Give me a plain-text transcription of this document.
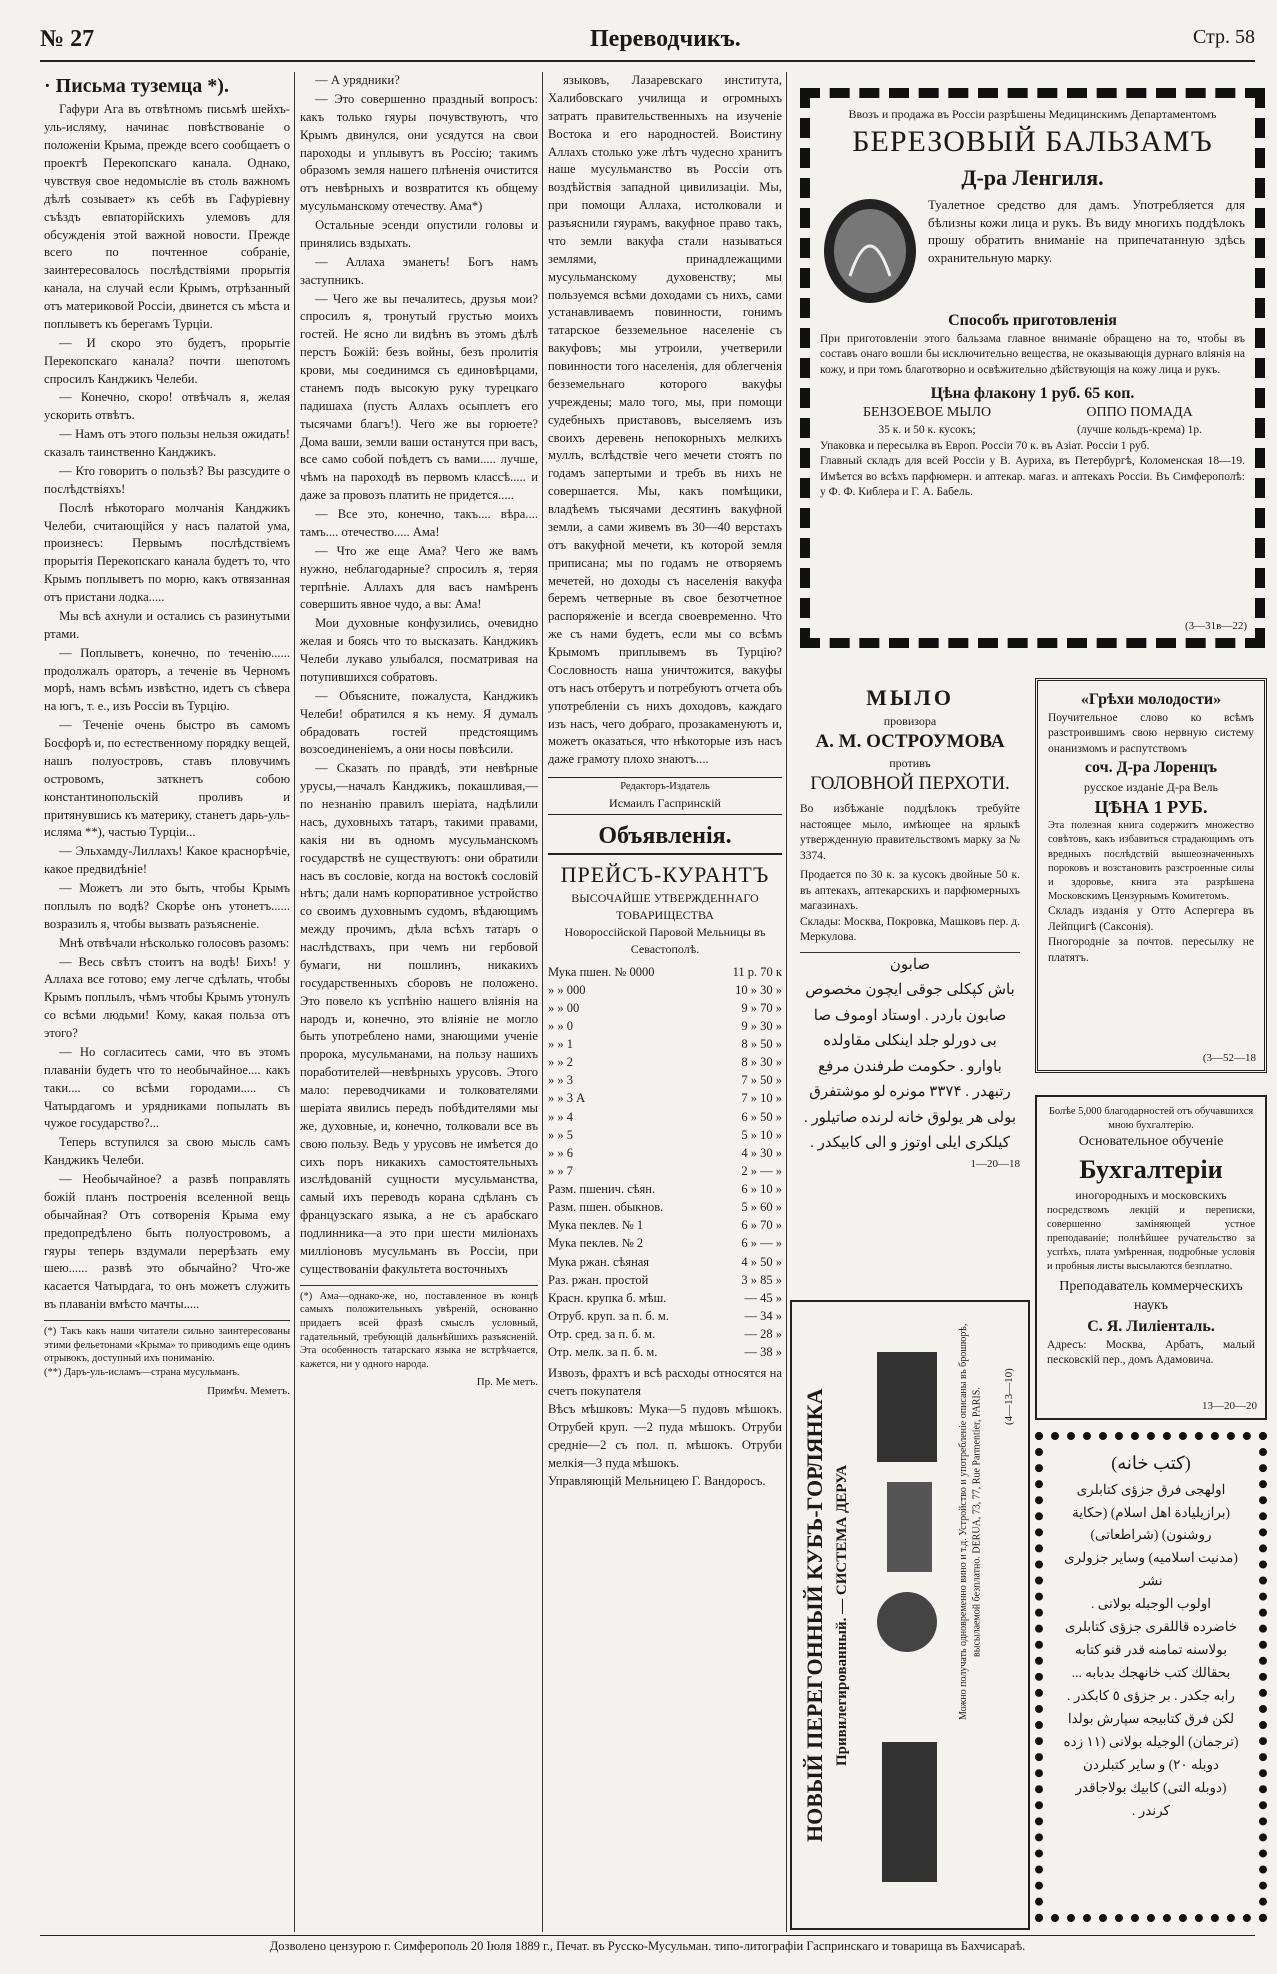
№ 27	Переводчикъ.	Стр. 58

· Письма туземца *).

Гафури Ага въ отвѣтномъ письмѣ шейхъ-уль-исляму, начинає повѣствованіе о положеніи Крыма, прежде всего сообщаетъ о проектѣ Перекопскаго канала. Однако, чувствуя свое недомысліе въ столь важномъ дѣлѣ созывает» къ себѣ въ Гафуріевну съѣздъ евпаторійскихъ улемовъ для обсужденія этой важной новости. Прежде всего по почтенное собраніе, заинтересовалось послѣдствіями прорытія канала, на случай если Крымъ, отрѣзанный отъ материковой Россіи, двинется съ мѣста и поплыветъ къ берегамъ Турціи.

— И скоро это будетъ, прорытіе Перекопскаго канала? почти шепотомъ спросилъ Канджикъ Челеби.

— Конечно, скоро! отвѣчалъ я, желая ускорить отвѣтъ.

— Намъ отъ этого пользы нельзя ожидать! сказалъ таинственно Канджикъ.

— Кто говоритъ о пользѣ? Вы разсудите о послѣдствіяхъ!

Послѣ нѣкотораго молчанія Канджикъ Челеби, считающійся у насъ палатой ума, произнесъ: Первымъ послѣдствіемъ прорытія Перекопскаго канала будетъ то, что Крымъ поплыветъ по морю, какъ отвязанная отъ пристани лодка.....

Мы всѣ ахнули и остались съ разинутыми ртами.

— Поплыветъ, конечно, по теченію...... продолжалъ ораторъ, а теченіе въ Черномъ морѣ, намъ всѣмъ извѣстно, идетъ съ сѣвера на югъ, т. е., изъ Россіи въ Турцію.

— Теченіе очень быстро въ самомъ Босфорѣ и, по естественному порядку вещей, нашъ полуостровъ, ставъ пловучимъ островомъ, заткнетъ собою константинопольскій проливъ и притянувшись къ материку, станетъ дарь-уль-исляма **), частью Турціи...

— Эльхамду-Лиллахъ! Какое краснорѣчіе, какое предвидѣніе!

— Можетъ ли это быть, чтобы Крымъ поплылъ по водѣ? Скорѣе онъ утонетъ...... возразилъ я, чтобы вызвать разъясненіе.

Мнѣ отвѣчали нѣсколько голосовъ разомъ:

— Весь свѣтъ стоитъ на водѣ! Бихъ! у Аллаха все готово; ему легче сдѣлать, чтобы Крымъ поплылъ, чѣмъ чтобы Крымъ утонулъ со всѣми людьми! Кому, какая польза отъ этого?

— Но согласитесь сами, что въ этомъ плаваніи будетъ что то необычайное.... какъ таки.... со всѣми городами..... съ Чатырдагомъ и урядниками попылать въ чужое государство?...

Теперь вступился за свою мысль самъ Канджикъ Челеби.

— Необычайное? а развѣ поправлять божій планъ построенія вселенной вещь обычайная? Отъ сотворенія Крыма ему предопредѣлено быть полуостровомъ, а гяуры теперь вздумали перерѣзать ему шею...... развѣ это обычайно? Что-же касается Чатырдага, то онъ можетъ служить въ плаваніи вмѣсто мачты.....

(*) Такъ какъ наши читатели сильно заинтересованы этими фельетонами «Крыма» то приводимъ еще одинъ отрывокъ, доступный ихъ пониманію.
(**) Даръ-уль-исламъ—страна мусульманъ.
Примѣч. Меметъ.

— А урядники?

— Это совершенно праздный вопросъ: какъ только гяуры почувствуютъ, что Крымъ двинулся, они усядутся на свои пароходы и уплывутъ въ Россію; такимъ образомъ земля нашего плѣненія очистится отъ невѣрныхъ и возвратится къ общему мусульманскому отечеству. Ама*)

Остальные эсенди опустили головы и принялись вздыхать.

— Аллаха эманетъ! Богъ намъ заступникъ.

— Чего же вы печалитесь, друзья мои? спросилъ я, тронутый грустью моихъ гостей. Не ясно ли видѣнъ въ этомъ дѣлѣ перстъ Божій: безъ войны, безъ пролитія крови, мы соединимся съ единовѣрцами, станемъ подъ высокую руку турецкаго падишаха (пусть Аллахъ осыплетъ его тысячами благъ!). Чего же вы горюете? Дома ваши, земли ваши останутся при васъ, все само собой поѣдетъ съ вами..... лучше, чѣмъ на пароходѣ въ первомъ классѣ..... и даже за провозъ платить не придется.....

— Все это, конечно, такъ.... вѣра.... тамъ.... отечество..... Ама!

— Что же еще Ама? Чего же вамъ нужно, неблагодарные? спросилъ я, теряя терпѣніе. Аллахъ для васъ намѣренъ совершить явное чудо, а вы: Ама!

Мои духовные конфузились, очевидно желая и боясь что то высказать. Канджикъ Челеби лукаво улыбался, посматривая на потупившихся собратовъ.

— Объясните, пожалуста, Канджикъ Челеби! обратился я къ нему. Я думалъ обрадовать гостей предстоящимъ возсоединеніемъ, а они носы повѣсили.

— Сказать по правдѣ, эти невѣрные урусы,—началъ Канджикъ, покашливая,—по незнанію правилъ шеріата, надѣлили насъ, духовныхъ татаръ, такими правами, какія ни въ одномъ мусульманскомъ государствѣ не существуютъ: они обратили насъ въ сословіе, когда на востокѣ сословій нѣтъ; дали намъ корпоративное устройство со своимъ духовнымъ судомъ, вѣдающимъ между прочимъ, дѣла всѣхъ татаръ о наслѣдствахъ, при чемъ ни гербовой бумаги, ни пошлинъ, никакихъ государственныхъ сборовъ не положено. Это повело къ успѣнію нашего вліянія на народъ и, конечно, это вліяніе не могло быть употреблено нами, знающими ученіе пророка, мусульманами, на пользу нашихъ поработителей—невѣрныхъ урусовъ. Этого мало: переводчиками и толкователями шеріата явились передъ побѣдителями мы же, духовные, и, конечно, толковали все въ свою пользу. Ведь у урусовъ не имѣется до сихъ поръ никакихъ самостоятельныхъ изслѣдованій сущности мусульманства, самый ихъ переводъ корана сдѣланъ съ французскаго языка, а не съ арабскаго подлинника—а это при шести миліонахъ милліоновъ мусульманъ въ Россіи, при существованіи факультета восточныхъ

(*) Ама—однако-же, но, поставленное въ концѣ самыхъ положительныхъ увѣреній, основанно придаетъ всей фразѣ смыслъ условный, гадательный, требующій дальнѣйшихъ разъясненій. Эта особенность татарскаго языка не встрѣчается, кажется, ни у одного народа.
Пр. Ме метъ.

языковъ, Лазаревскаго института, Халибовскаго училища и огромныхъ затратъ правительственныхъ на изученіе Востока и его народностей. Воистину Аллахъ столько уже лѣтъ чудесно хранитъ наше мусульманство въ Россіи отъ воздѣйствія западной цивилизаціи. Мы, при помощи Аллаха, истолковали и разъяснили гяурамъ, вакуфное право такъ, что земли вакуфа стали называться землями, принадлежащими мусульманскому духовенству; мы пользуемся всѣми доходами съ нихъ, сами устанавливаемъ повинности, гонимъ татарское безземельное населеніе съ вакуфовъ; мы утроили, учетверили повинности того населенія, для облегченія безземельнаго которого вакуфы учреждены; мало того, мы, при помощи судебныхъ приставовъ, выселяемъ изъ своихъ деревень непокорныхъ мелкихъ муллъ, вслѣдствіе чего мечети стоятъ по годамъ запертыми и требъ въ нихъ не совершается. Мы, какъ помѣщики, владѣемъ тысячами десятинъ вакуфной земли, а сами живемъ въ 30—40 верстахъ отъ вакуфной мечети, къ которой земля приписана; мы по годамъ не отворяемъ мечетей, но доходы съ населенія вакуфа беремъ четверные въ свое безотчетное распоряженіе и всегда своевременно. Что же съ нами будетъ, если мы со всѣмъ Крымомъ приплывемъ въ Турцію? Сословность наша уничтожится, вакуфы отъ насъ отберутъ и потребуютъ отчета объ употребленіи съ нихъ доходовъ, каждаго изъ насъ, чего добраго, прозакаменуютъ и, можетъ оказаться, что нѣкоторые изъ насъ даже грамоту плохо знаютъ....

Редакторъ-Издатель
Исмаилъ Гаспринскій
Объявленія.
ПРЕЙСЪ-КУРАНТЪ
ВЫСОЧАЙШЕ УТВЕРЖДЕННАГО ТОВАРИЩЕСТВА
Новороссійской Паровой Мельницы въ Севастополѣ.
Мука пшен. № 0000	11 р. 70 к
» » 000	10 » 30 »
» » 00	9 » 70 »
» » 0	9 » 30 »
» » 1	8 » 50 »
» » 2	8 » 30 »
» » 3	7 » 50 »
» » 3 А	7 » 10 »
» » 4	6 » 50 »
» » 5	5 » 10 »
» » 6	4 » 30 »
» » 7	2 » — »
Разм. пшенич. сѣян.	6 » 10 »
Разм. пшен. обыкнов.	5 » 60 »
Мука пеклев. № 1	6 » 70 »
Мука пеклев. № 2	6 » — »
Мука ржан. сѣяная	4 » 50 »
Раз. ржан. простой	3 » 85 »
Красн. крупка б. мѣш.	— 45 »
Отруб. круп. за п. б. м.	— 34 »
Отр. сред. за п. б. м.	— 28 »
Отр. мелк. за п. б. м.	— 38 »
Извозъ, фрахтъ и всѣ расходы относятся на счетъ покупателя
Вѣсъ мѣшковъ: Мука—5 пудовъ мѣшокъ. Отрубей круп. —2 пуда мѣшокъ. Отруби средніе—2 съ пол. п. мѣшокъ. Отруби мелкія—3 пуда мѣшокъ.
Управляющій Мельницею Г. Вандоросъ.
Ввозъ и продажа въ Россіи разрѣшены Медицинскимъ Департаментомъ
БЕРЕЗОВЫЙ БАЛЬЗАМЪ
Д-ра Ленгиля.
Туалетное средство для дамъ. Употребляется для бѣлизны кожи лица и рукъ. Въ виду многихъ поддѣлокъ прошу обратить вниманіе на припечатанную здѣсь охранительную марку.
Способъ приготовленія
При приготовленіи этого бальзама главное вниманіе обращено на то, чтобы въ составъ онаго вошли бы исключительно вещества, не оказывающія дурнаго вліянія на кожу, и при томъ благотворно и освѣжительно дѣйствующія на кожу лица и рукъ.
Цѣна флакону 1 руб. 65 коп.
БЕНЗОЕВОЕ МЫЛО
35 к. и 50 к. кусокъ;
ОППО ПОМАДА
(лучше кольдъ-крема) 1р.
Упаковка и пересылка въ Европ. Россіи 70 к. въ Азіат. Россіи 1 руб.
Главный складъ для всей Россіи у В. Ауриха, въ Петербургѣ, Коломенская 18—19. Имѣется во всѣхъ парфюмерн. и аптекар. магаз. и аптекахъ Россіи. Въ Симферополѣ: у Ф. Ф. Киблера и Г. А. Бабель.
(3—31в—22)
МЫЛО
провизора
А. М. ОСТРОУМОВА
противъ
ГОЛОВНОЙ ПЕРХОТИ.
Во избѣжаніе поддѣлокъ требуйте настоящее мыло, имѣющее на ярлыкѣ утвержденную правительствомъ марку за № 3374.
Продается по 30 к. за кусокъ двойные 50 к. въ аптекахъ, аптекарскихъ и парфюмерныхъ магазинахъ.
Склады: Москва, Покровка, Машковъ пер. д. Меркулова.
صابون
باش كپكلى جوقى ايچون مخصوص
صابون باردر . اوستاد اوموف صا
بى دورلو جلد اينكلى مقاولده
باوارو . حكومت طرفندن مرفع
رتبهدر . ۳۳۷۴ مونره لو موشتفرق
بولى هر يولوق خانه لرنده صاتيلور .
كيلكرى ايلى اوتوز و الى كابيكدر .
1—20—18
«Грѣхи молодости»
Поучительное слово ко всѣмъ разстроившимъ свою нервную систему онанизмомъ и распутствомъ
соч. Д-ра Лоренцъ
русское изданіе Д-ра Вель
ЦѢНА 1 РУБ.
Эта полезная книга содержитъ множество совѣтовъ, какъ избавиться страдающимъ отъ вредныхъ послѣдствій вышеозначенныхъ пороковъ и возстановить разстроенные силы и здоровье, книга эта разрѣшена Московскимъ Цензурнымъ Комитетомъ.
Складъ изданія у Отто Аспергера въ Лейпцигѣ (Саксонія).
Пногородніе за почтов. пересылку не платятъ.
(3—52—18
Болѣе 5,000 благодарностей отъ обучавшихся мною бухгалтерію.
Основательное обученіе
Бухгалтеріи
иногородныхъ и московскихъ
посредствомъ лекцій и переписки, совершенно заміняющей устное преподаваніе; полнѣйшее ручательство за успѣхъ, плата умѣренная, подробные условія и пробныя листы высылаются безплатно.
Преподаватель коммерческихъ наукъ
С. Я. Лиліенталь.
Адресъ: Москва, Арбатъ, малый песковскій пер., домъ Адамовича.
13—20—20
НОВЫЙ ПЕРЕГОННЫЙ КУБЪ-ГОРЛЯНКА Привилегированный. — СИСТЕМА ДЕРУА	Можно получать одновременно вино и т.д. Устройство и употребленіе описаны въ брошюрѣ, высылаемой безплатно. DERUA, 73, 77, Rue Parmentier, PARIS. (4—13—10)
(كتب خانه)
اولهجى فرق جزؤى كتابلرى
(برازيليادة اهل اسلام) (حكاية
روشنون) (شراطعاتى)
(مدنيت اسلاميه) وساير جزولرى نشر
اولوب الوجبله بولانى .
خاضرده قاللقرى جزؤى كتابلرى
بولاسنه تمامنه قدر قنو كتابه
بحقالك كتب خانهجك بدبابه ...
رابه جكدر . بر جزؤى ٥ كابكدر .
لكن فرق كتابيجه سپارش بولدا
(ترجمان) الوجيله بولانى (١١ زده
دوبله ٢٠) و ساير كتبلردن
(دوبله التى) كابيك بولاجاقدر
كرندر .
Дозволено цензурою г. Симферополь 20 Іюля 1889 г., Печат. въ Русско-Мусульман. типо-литографіи Гаспринскаго и товарища въ Бахчисараѣ.
